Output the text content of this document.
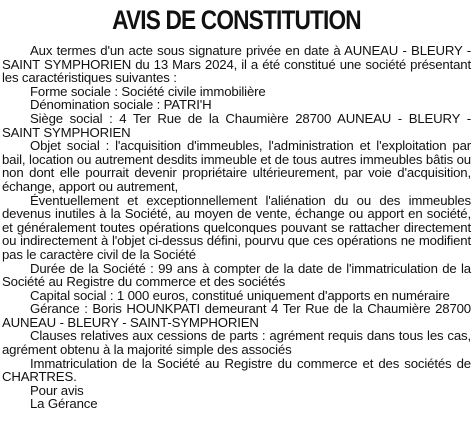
AVIS DE CONSTITUTION

Aux termes d'un acte sous signature privée en date à AUNEAU - BLEURY - SAINT SYMPHORIEN du 13 Mars 2024, il a été constitué une société présentant les caractéristiques suivantes :

Forme sociale : Société civile immobilière

Dénomination sociale : PATRI'H

Siège social : 4 Ter Rue de la Chaumière 28700 AUNEAU - BLEURY - SAINT SYMPHORIEN

Objet social : l'acquisition d'immeubles, l'administration et l'exploitation par bail, location ou autrement desdits immeuble et de tous autres immeubles bâtis ou non dont elle pourrait devenir propriétaire ultérieurement, par voie d'acquisition, échange, apport ou autrement,

Éventuellement et exceptionnellement l'aliénation du ou des immeubles devenus inutiles à la Société, au moyen de vente, échange ou apport en société, et généralement toutes opérations quelconques pouvant se rattacher directement ou indirectement à l'objet ci-dessus défini, pourvu que ces opérations ne modifient pas le caractère civil de la Société

Durée de la Société : 99 ans à compter de la date de l'immatriculation de la Société au Registre du commerce et des sociétés

Capital social : 1 000 euros, constitué uniquement d'apports en numéraire

Gérance : Boris HOUNKPATI demeurant 4 Ter Rue de la Chaumière 28700 AUNEAU - BLEURY - SAINT-SYMPHORIEN

Clauses relatives aux cessions de parts : agrément requis dans tous les cas, agrément obtenu à la majorité simple des associés

Immatriculation de la Société au Registre du commerce et des sociétés de CHARTRES.

Pour avis

La Gérance
